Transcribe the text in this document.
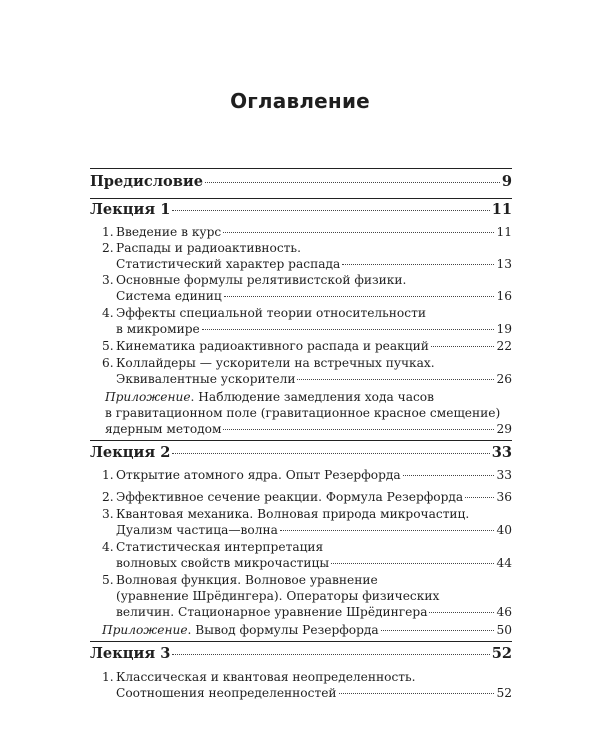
Оглавление
Предисловие	9
Лекция 1	11
1. Введение в курс	11
2. Распады и радиоактивность.
Статистический характер распада	13
3. Основные формулы релятивистской физики.
Система единиц	16
4. Эффекты специальной теории относительности
в микромире	19
5. Кинематика радиоактивного распада и реакций	22
6. Коллайдеры — ускорители на встречных пучках.
Эквивалентные ускорители	26
Приложение. Наблюдение замедления хода часов
в гравитационном поле (гравитационное красное смещение)
ядерным методом	29
Лекция 2	33
1. Открытие атомного ядра. Опыт Резерфорда	33
2. Эффективное сечение реакции. Формула Резерфорда	36
3. Квантовая механика. Волновая природа микрочастиц.
Дуализм частица—волна	40
4. Статистическая интерпретация
волновых свойств микрочастицы	44
5. Волновая функция. Волновое уравнение
(уравнение Шрёдингера). Операторы физических
величин. Стационарное уравнение Шрёдингера	46
Приложение. Вывод формулы Резерфорда	50
Лекция 3	52
1. Классическая и квантовая неопределенность.
Соотношения неопределенностей	52
